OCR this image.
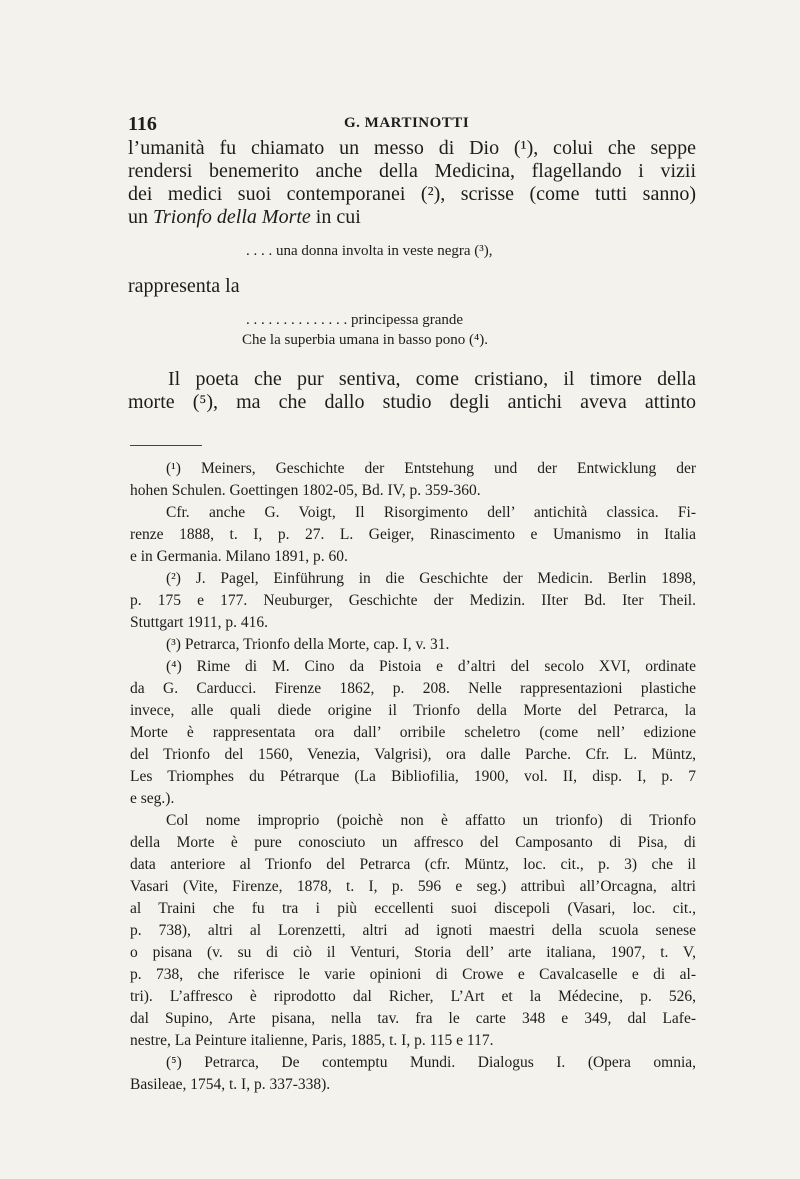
116	G. MARTINOTTI
l’umanità fu chiamato un messo di Dio (¹), colui che seppe
rendersi benemerito anche della Medicina, flagellando i vizii
dei medici suoi contemporanei (²), scrisse (come tutti sanno)
un Trionfo della Morte in cui
. . . . una donna involta in veste negra (³),
rappresenta la
. . . . . . . . . . . . . . principessa grande
Che la superbia umana in basso pono (⁴).
Il poeta che pur sentiva, come cristiano, il timore della
morte (⁵), ma che dallo studio degli antichi aveva attinto
(¹) Meiners, Geschichte der Entstehung und der Entwicklung der
hohen Schulen. Goettingen 1802-05, Bd. IV, p. 359-360.
Cfr. anche G. Voigt, Il Risorgimento dell’ antichità classica. Fi-
renze 1888, t. I, p. 27. L. Geiger, Rinascimento e Umanismo in Italia
e in Germania. Milano 1891, p. 60.
(²) J. Pagel, Einführung in die Geschichte der Medicin. Berlin 1898,
p. 175 e 177. Neuburger, Geschichte der Medizin. IIter Bd. Iter Theil.
Stuttgart 1911, p. 416.
(³) Petrarca, Trionfo della Morte, cap. I, v. 31.
(⁴) Rime di M. Cino da Pistoia e d’altri del secolo XVI, ordinate
da G. Carducci. Firenze 1862, p. 208. Nelle rappresentazioni plastiche
invece, alle quali diede origine il Trionfo della Morte del Petrarca, la
Morte è rappresentata ora dall’ orribile scheletro (come nell’ edizione
del Trionfo del 1560, Venezia, Valgrisi), ora dalle Parche. Cfr. L. Müntz,
Les Triomphes du Pétrarque (La Bibliofilia, 1900, vol. II, disp. I, p. 7
e seg.).
Col nome improprio (poichè non è affatto un trionfo) di Trionfo
della Morte è pure conosciuto un affresco del Camposanto di Pisa, di
data anteriore al Trionfo del Petrarca (cfr. Müntz, loc. cit., p. 3) che il
Vasari (Vite, Firenze, 1878, t. I, p. 596 e seg.) attribuì all’Orcagna, altri
al Traini che fu tra i più eccellenti suoi discepoli (Vasari, loc. cit.,
p. 738), altri al Lorenzetti, altri ad ignoti maestri della scuola senese
o pisana (v. su di ciò il Venturi, Storia dell’ arte italiana, 1907, t. V,
p. 738, che riferisce le varie opinioni di Crowe e Cavalcaselle e di al-
tri). L’affresco è riprodotto dal Richer, L’Art et la Médecine, p. 526,
dal Supino, Arte pisana, nella tav. fra le carte 348 e 349, dal Lafe-
nestre, La Peinture italienne, Paris, 1885, t. I, p. 115 e 117.
(⁵) Petrarca, De contemptu Mundi. Dialogus I. (Opera omnia,
Basileae, 1754, t. I, p. 337-338).
